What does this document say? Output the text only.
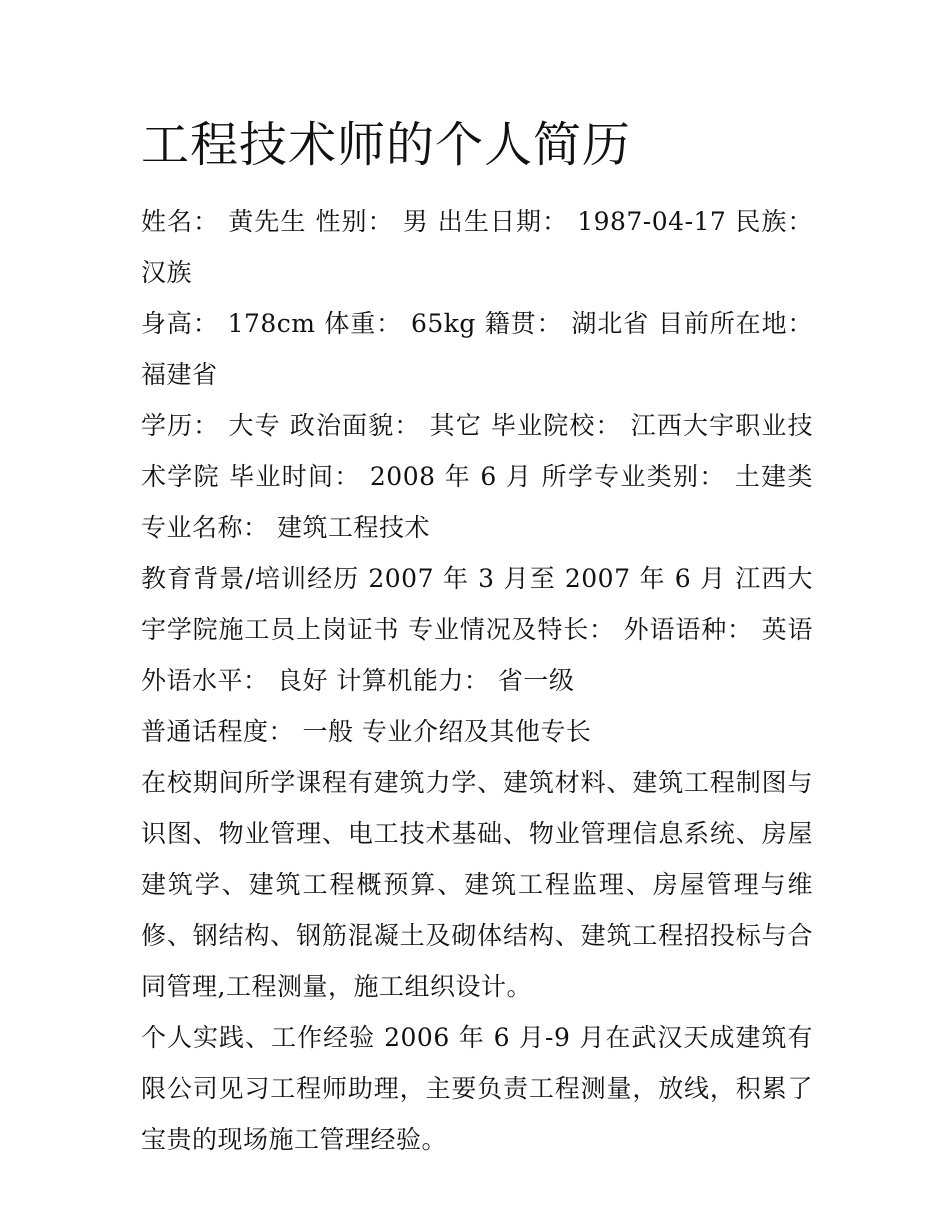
工程技术师的个人简历

姓名： 黄先生 性别： 男 出生日期： 1987-04-17 民族： 汉族

身高： 178cm 体重： 65kg 籍贯： 湖北省 目前所在地： 福建省

学历： 大专 政治面貌： 其它 毕业院校： 江西大宇职业技术学院 毕业时间： 2008 年 6 月 所学专业类别： 土建类 专业名称： 建筑工程技术

教育背景/培训经历 2007 年 3 月至 2007 年 6 月 江西大宇学院施工员上岗证书 专业情况及特长： 外语语种： 英语 外语水平： 良好 计算机能力： 省一级

普通话程度： 一般 专业介绍及其他专长

在校期间所学课程有建筑力学、建筑材料、建筑工程制图与识图、物业管理、电工技术基础、物业管理信息系统、房屋建筑学、建筑工程概预算、建筑工程监理、房屋管理与维修、钢结构、钢筋混凝土及砌体结构、建筑工程招投标与合同管理,工程测量，施工组织设计。

个人实践、工作经验 2006 年 6 月-9 月在武汉天成建筑有限公司见习工程师助理，主要负责工程测量，放线，积累了宝贵的现场施工管理经验。
